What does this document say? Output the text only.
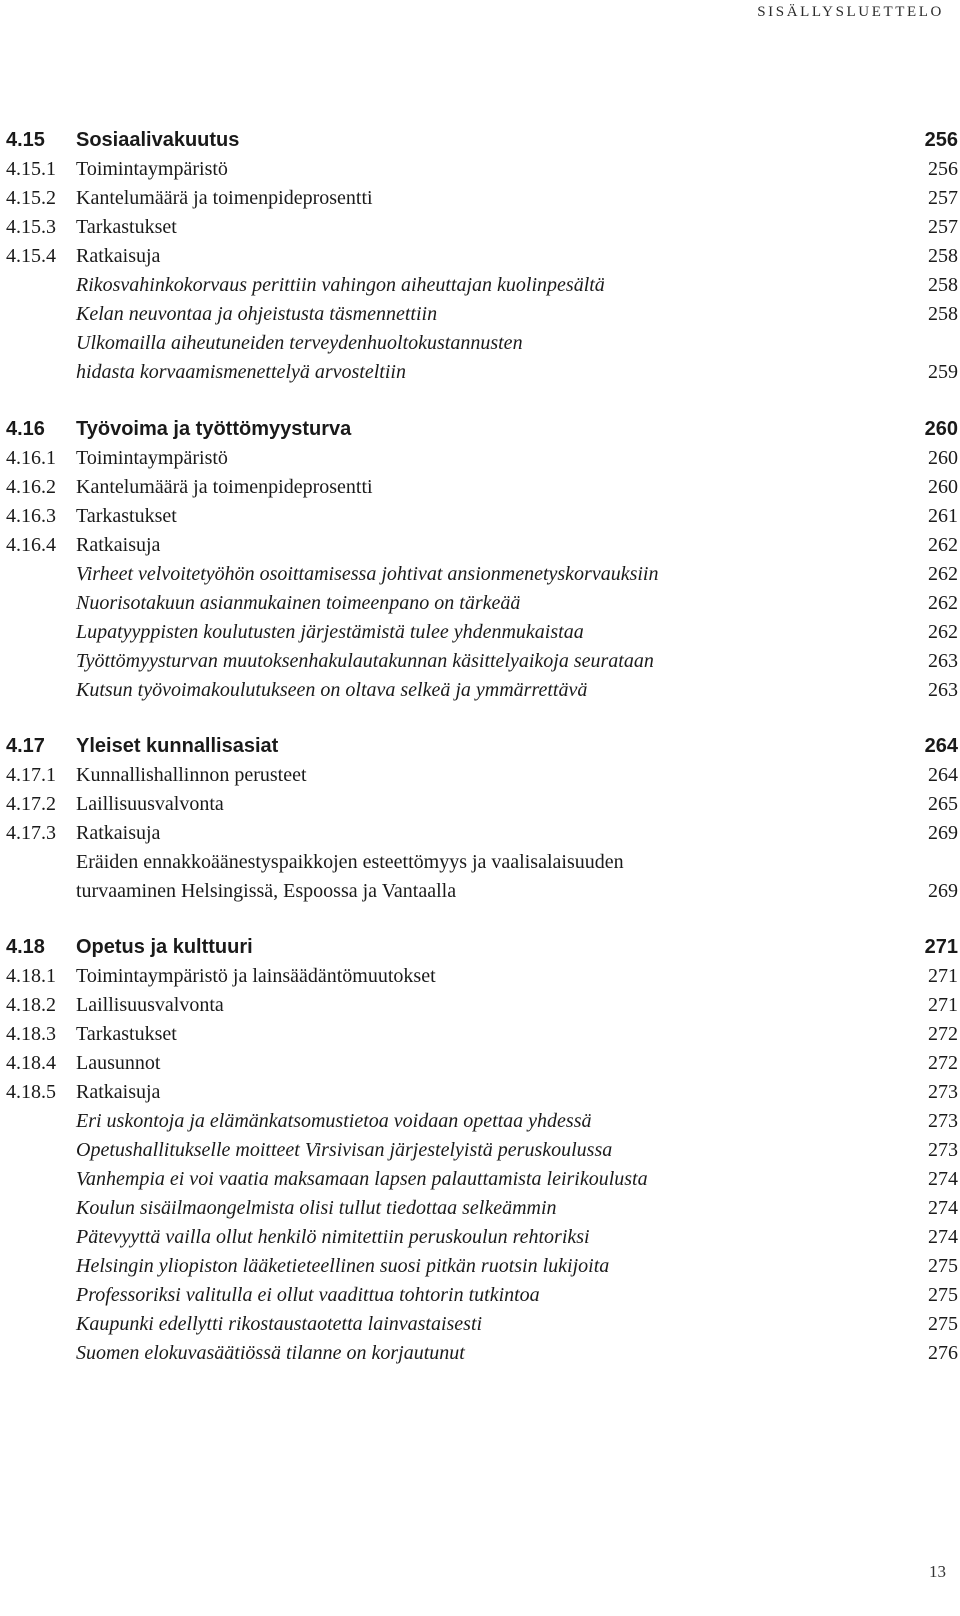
SISÄLLYSLUETTELO
4.15 Sosiaalivakuutus	256
4.15.1 Toimintaympäristö	256
4.15.2 Kantelumäärä ja toimenpideprosentti	257
4.15.3 Tarkastukset	257
4.15.4 Ratkaisuja	258
Rikosvahinkokorvaus perittiin vahingon aiheuttajan kuolinpesältä	258
Kelan neuvontaa ja ohjeistusta täsmennettiin	258
Ulkomailla aiheutuneiden terveydenhuoltokustannusten
hidasta korvaamismenettelyä arvosteltiin	259
4.16 Työvoima ja työttömyysturva	260
4.16.1 Toimintaympäristö	260
4.16.2 Kantelumäärä ja toimenpideprosentti	260
4.16.3 Tarkastukset	261
4.16.4 Ratkaisuja	262
Virheet velvoitetyöhön osoittamisessa johtivat ansionmenetyskorvauksiin	262
Nuorisotakuun asianmukainen toimeenpano on tärkeää	262
Lupatyyppisten koulutusten järjestämistä tulee yhdenmukaistaa	262
Työttömyysturvan muutoksenhakulautakunnan käsittelyaikoja seurataan	263
Kutsun työvoimakoulutukseen on oltava selkeä ja ymmärrettävä	263
4.17 Yleiset kunnallisasiat	264
4.17.1 Kunnallishallinnon perusteet	264
4.17.2 Laillisuusvalvonta	265
4.17.3 Ratkaisuja	269
Eräiden ennakkoäänestyspaikkojen esteettömyys ja vaalisalaisuuden
turvaaminen Helsingissä, Espoossa ja Vantaalla	269
4.18 Opetus ja kulttuuri	271
4.18.1 Toimintaympäristö ja lainsäädäntömuutokset	271
4.18.2 Laillisuusvalvonta	271
4.18.3 Tarkastukset	272
4.18.4 Lausunnot	272
4.18.5 Ratkaisuja	273
Eri uskontoja ja elämänkatsomustietoa voidaan opettaa yhdessä	273
Opetushallitukselle moitteet Virsivisan järjestelyistä peruskoulussa	273
Vanhempia ei voi vaatia maksamaan lapsen palauttamista leirikoulusta	274
Koulun sisäilmaongelmista olisi tullut tiedottaa selkeämmin	274
Pätevyyttä vailla ollut henkilö nimitettiin peruskoulun rehtoriksi	274
Helsingin yliopiston lääketieteellinen suosi pitkän ruotsin lukijoita	275
Professoriksi valitulla ei ollut vaadittua tohtorin tutkintoa	275
Kaupunki edellytti rikostaustaotetta lainvastaisesti	275
Suomen elokuvasäätiössä tilanne on korjautunut	276
13
